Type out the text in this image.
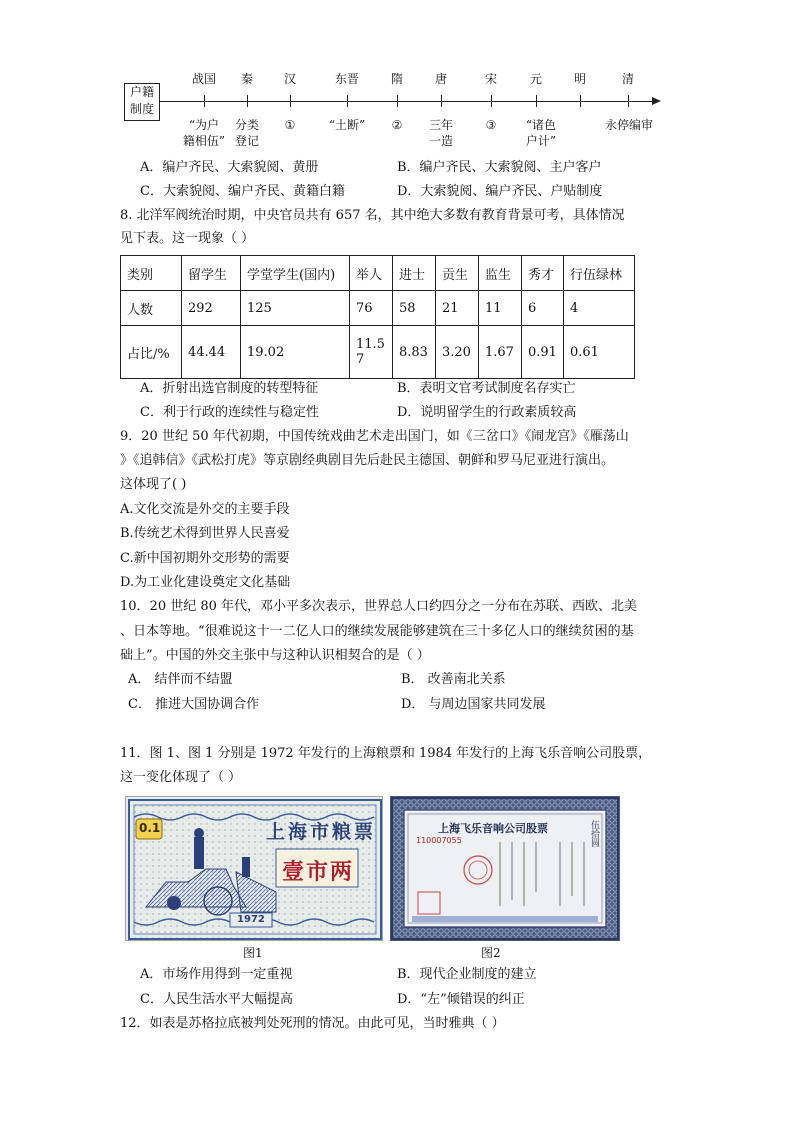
户籍
制度
战国	秦	汉	东晋	隋	唐	宋	元	明	清
“为户
籍相伍”
分类
登记
①	“土断”	②	三年
一造
③	“诸色
户计”
永停编审
A．编户齐民、大索貌阅、黄册	B．编户齐民、大索貌阅、主户客户
C．大索貌阅、编户齐民、黄籍白籍	D．大索貌阅、编户齐民、户贴制度
8. 北洋军阀统治时期，中央官员共有 657 名，其中绝大多数有教育背景可考，具体情况
见下表。这一现象（ ）
类别	留学生	学堂学生(国内)	举人	进士	贡生	监生	秀才	行伍绿林
人数	292	125	76	58	21	11	6	4
占比/%	44.44	19.02	11.57	8.83	3.20	1.67	0.91	0.61
A．折射出选官制度的转型特征	B．表明文官考试制度名存实亡
C．利于行政的连续性与稳定性	D．说明留学生的行政素质较高
9．20 世纪 50 年代初期，中国传统戏曲艺术走出国门，如《三岔口》《闹龙宫》《雁荡山
》《追韩信》《武松打虎》等京剧经典剧目先后赴民主德国、朝鲜和罗马尼亚进行演出。
这体现了( )
A.文化交流是外交的主要手段
B.传统艺术得到世界人民喜爱
C.新中国初期外交形势的需要
D.为工业化建设奠定文化基础
10．20 世纪 80 年代，邓小平多次表示，世界总人口约四分之一分布在苏联、西欧、北美
、日本等地。“很难说这十一二亿人口的继续发展能够建筑在三十多亿人口的继续贫困的基
础上”。中国的外交主张中与这种认识相契合的是（ ）
A． 结伴而不结盟	B． 改善南北关系
C． 推进大国协调合作	D． 与周边国家共同发展
11．图 1、图 1 分别是 1972 年发行的上海粮票和 1984 年发行的上海飞乐音响公司股票，
这一变化体现了（ ）
0.1	上海市粮票
壹市两
1972
上海飞乐音响公司股票
110007055	伍拾圆
图1	图2
A．市场作用得到一定重视	B．现代企业制度的建立
C．人民生活水平大幅提高	D．“左”倾错误的纠正
12．如表是苏格拉底被判处死刑的情况。由此可见，当时雅典（ ）
